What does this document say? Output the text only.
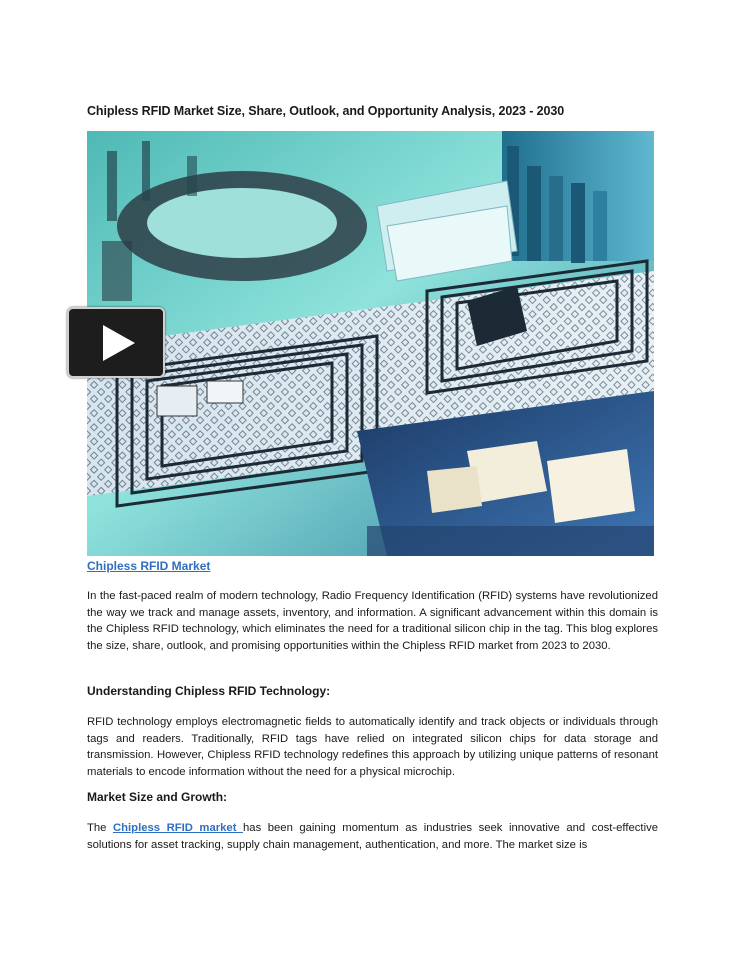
Chipless RFID Market Size, Share, Outlook, and Opportunity Analysis, 2023 - 2030
Chipless RFID Market

In the fast-paced realm of modern technology, Radio Frequency Identification (RFID) systems have revolutionized the way we track and manage assets, inventory, and information. A significant advancement within this domain is the Chipless RFID technology, which eliminates the need for a traditional silicon chip in the tag. This blog explores the size, share, outlook, and promising opportunities within the Chipless RFID market from 2023 to 2030.

Understanding Chipless RFID Technology:

RFID technology employs electromagnetic fields to automatically identify and track objects or individuals through tags and readers. Traditionally, RFID tags have relied on integrated silicon chips for data storage and transmission. However, Chipless RFID technology redefines this approach by utilizing unique patterns of resonant materials to encode information without the need for a physical microchip.

Market Size and Growth:

The Chipless RFID market has been gaining momentum as industries seek innovative and cost-effective solutions for asset tracking, supply chain management, authentication, and more. The market size is
